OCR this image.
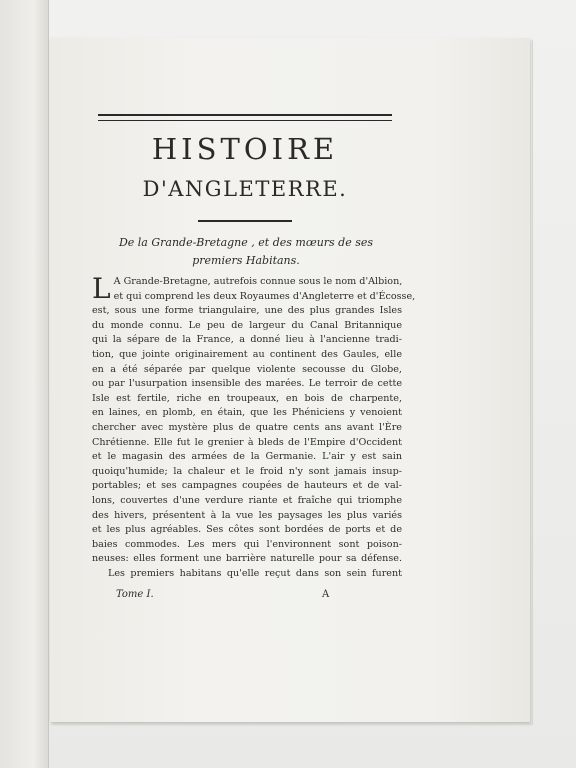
HISTOIRE
D'ANGLETERRE.
De la Grande-Bretagne , et des mœurs de ses
premiers Habitans.
L A Grande-Bretagne, autrefois connue sous le nom d'Albion,
et qui comprend les deux Royaumes d'Angleterre et d'Écosse,
est, sous une forme triangulaire, une des plus grandes Isles
du monde connu. Le peu de largeur du Canal Britannique
qui la sépare de la France, a donné lieu à l'ancienne tradi-
tion, que jointe originairement au continent des Gaules, elle
en a été séparée par quelque violente secousse du Globe,
ou par l'usurpation insensible des marées. Le terroir de cette
Isle est fertile, riche en troupeaux, en bois de charpente,
en laines, en plomb, en étain, que les Phéniciens y venoient
chercher avec mystère plus de quatre cents ans avant l'Ère
Chrétienne. Elle fut le grenier à bleds de l'Empire d'Occident
et le magasin des armées de la Germanie. L'air y est sain
quoiqu'humide; la chaleur et le froid n'y sont jamais insup-
portables; et ses campagnes coupées de hauteurs et de val-
lons, couvertes d'une verdure riante et fraîche qui triomphe
des hivers, présentent à la vue les paysages les plus variés
et les plus agréables. Ses côtes sont bordées de ports et de
baies commodes. Les mers qui l'environnent sont poison-
neuses: elles forment une barrière naturelle pour sa défense.
Les premiers habitans qu'elle reçut dans son sein furent
Tome I.	A
